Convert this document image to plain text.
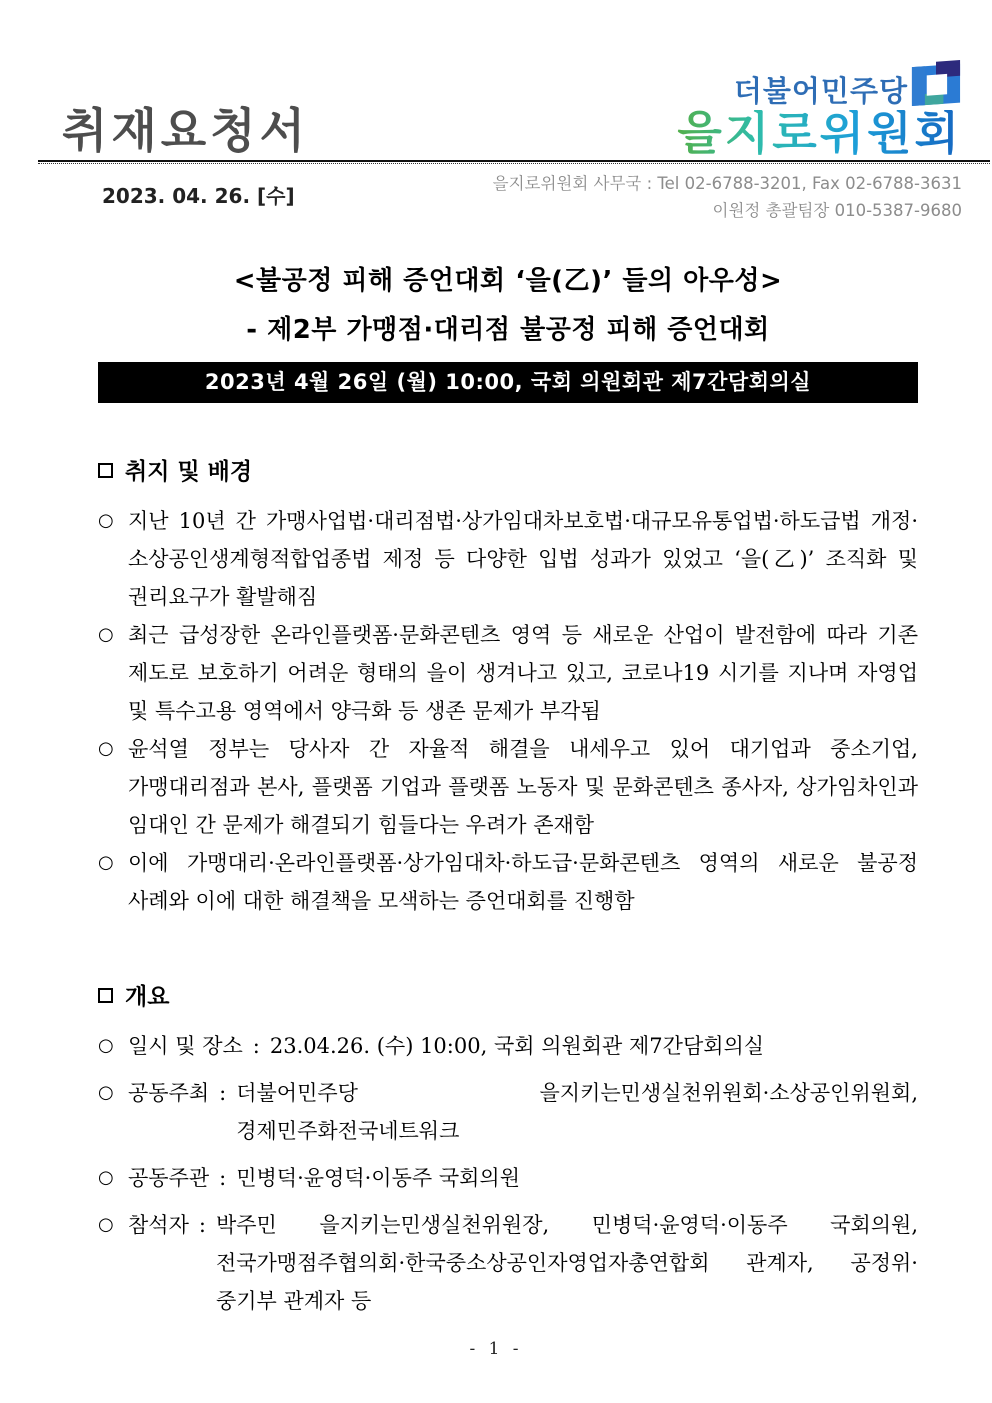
취재요청서
더불어민주당
을지로위원회
2023. 04. 26. [수]
을지로위원회 사무국 : Tel 02-6788-3201, Fax 02-6788-3631
이원정 총괄팀장 010-5387-9680
<불공정 피해 증언대회 ‘을(乙)’ 들의 아우성>
- 제2부 가맹점·대리점 불공정 피해 증언대회
2023년 4월 26일 (월) 10:00, 국회 의원회관 제7간담회의실
취지 및 배경
○ 지난 10년 간 가맹사업법·대리점법·상가임대차보호법·대규모유통업법·하도급법 개정·소상공인생계형적합업종법 제정 등 다양한 입법 성과가 있었고 ‘을(乙)’ 조직화 및 권리요구가 활발해짐
○ 최근 급성장한 온라인플랫폼·문화콘텐츠 영역 등 새로운 산업이 발전함에 따라 기존 제도로 보호하기 어려운 형태의 을이 생겨나고 있고, 코로나19 시기를 지나며 자영업 및 특수고용 영역에서 양극화 등 생존 문제가 부각됨
○ 윤석열 정부는 당사자 간 자율적 해결을 내세우고 있어 대기업과 중소기업, 가맹대리점과 본사, 플랫폼 기업과 플랫폼 노동자 및 문화콘텐츠 종사자, 상가임차인과 임대인 간 문제가 해결되기 힘들다는 우려가 존재함
○ 이에 가맹대리·온라인플랫폼·상가임대차·하도급·문화콘텐츠 영역의 새로운 불공정 사례와 이에 대한 해결책을 모색하는 증언대회를 진행함
개요
○ 일시 및 장소 : 23.04.26. (수) 10:00, 국회 의원회관 제7간담회의실
○ 공동주최 : 더불어민주당 을지키는민생실천위원회·소상공인위원회, 경제민주화전국네트워크
○ 공동주관 : 민병덕·윤영덕·이동주 국회의원
○ 참석자 : 박주민 을지키는민생실천위원장, 민병덕·윤영덕·이동주 국회의원, 전국가맹점주협의회·한국중소상공인자영업자총연합회 관계자, 공정위·중기부 관계자 등
- 1 -
